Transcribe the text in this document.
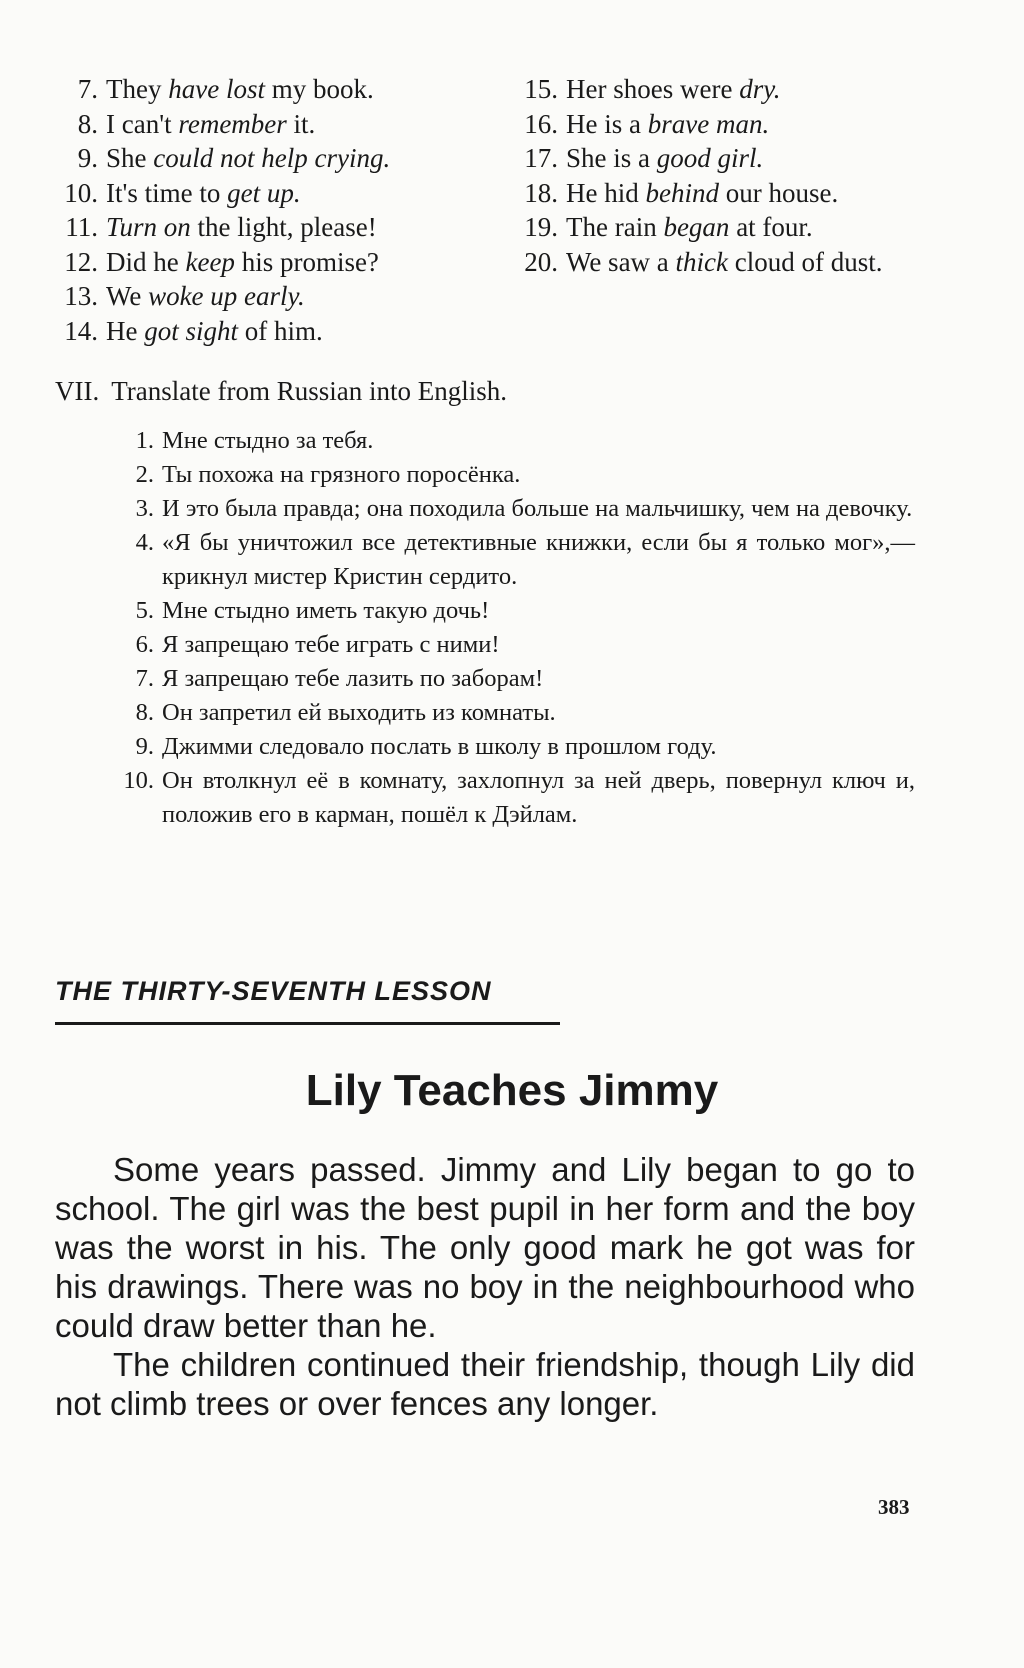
7. They have lost my book.
8. I can't remember it.
9. She could not help crying.
10. It's time to get up.
11. Turn on the light, please!
12. Did he keep his promise?
13. We woke up early.
14. He got sight of him.
15. Her shoes were dry.
16. He is a brave man.
17. She is a good girl.
18. He hid behind our house.
19. The rain began at four.
20. We saw a thick cloud of dust.
VII. Translate from Russian into English.
1. Мне стыдно за тебя.
2. Ты похожа на грязного поросёнка.
3. И это была правда; она походила больше на мальчишку, чем на девочку.
4. «Я бы уничтожил все детективные книжки, если бы я только мог»,—крикнул мистер Кристин сердито.
5. Мне стыдно иметь такую дочь!
6. Я запрещаю тебе играть с ними!
7. Я запрещаю тебе лазить по заборам!
8. Он запретил ей выходить из комнаты.
9. Джимми следовало послать в школу в прошлом году.
10. Он втолкнул её в комнату, захлопнул за ней дверь, повернул ключ и, положив его в карман, пошёл к Дэйлам.
THE THIRTY-SEVENTH LESSON
Lily Teaches Jimmy

Some years passed. Jimmy and Lily began to go to school. The girl was the best pupil in her form and the boy was the worst in his. The only good mark he got was for his drawings. There was no boy in the neighbourhood who could draw better than he.

The children continued their friendship, though Lily did not climb trees or over fences any longer.

383
